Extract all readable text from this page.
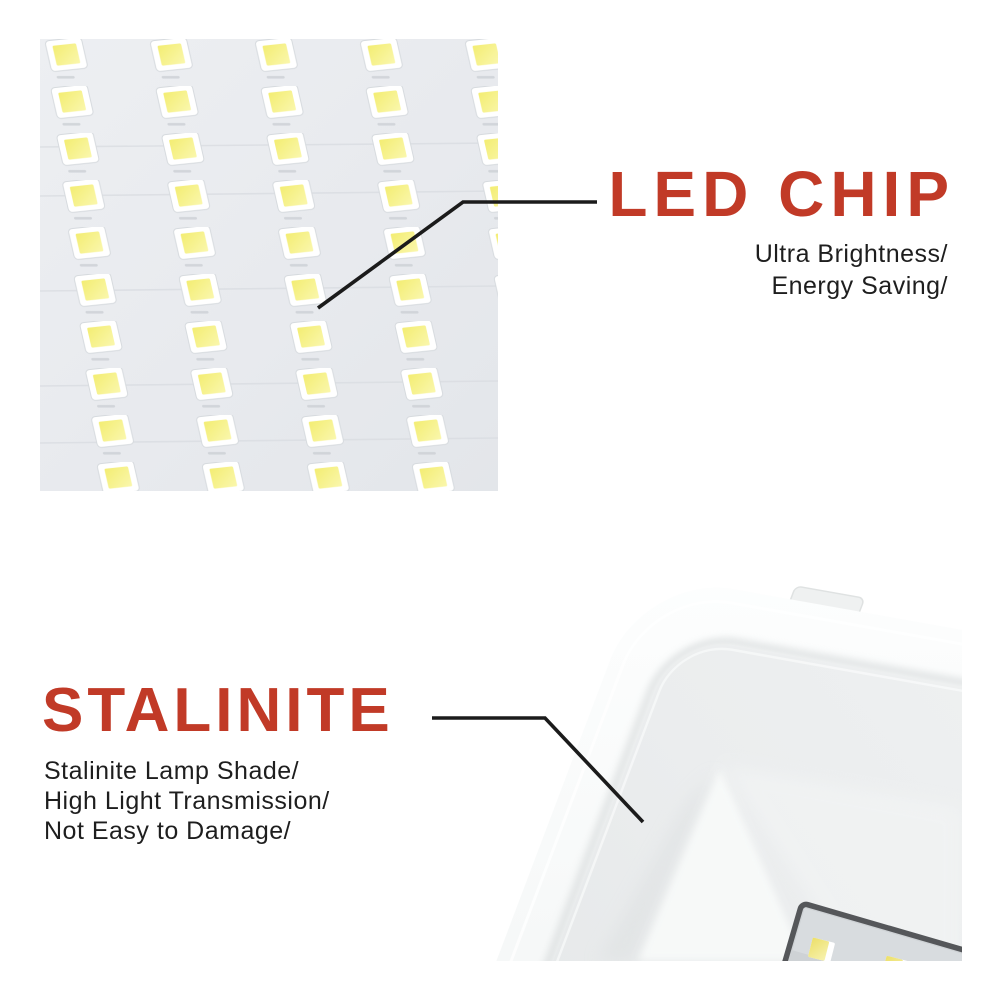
LED CHIP
Ultra Brightness/
Energy Saving/
STALINITE
Stalinite Lamp Shade/
High Light Transmission/
Not Easy to Damage/
